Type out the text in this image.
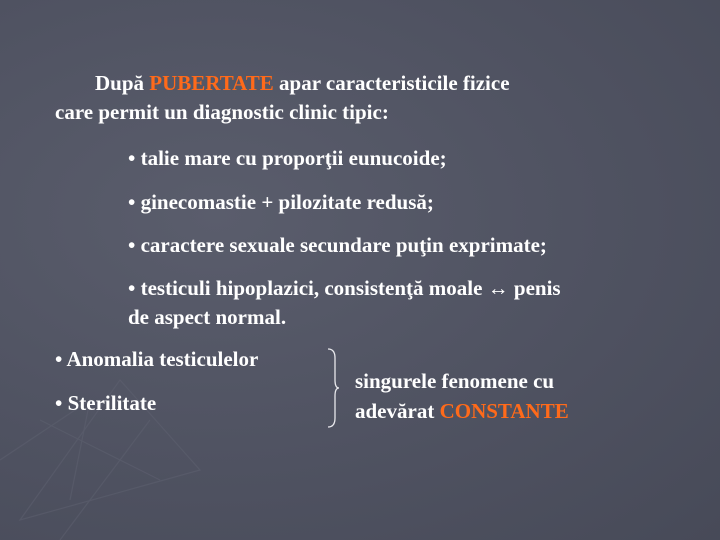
După PUBERTATE apar caracteristicile fizice
care permit un diagnostic clinic tipic:
• talie mare cu proporţii eunucoide;
• ginecomastie + pilozitate redusă;
• caractere sexuale secundare puţin exprimate;
• testiculi hipoplazici, consistenţă moale ↔ penis
de aspect normal.
• Anomalia testiculelor
• Sterilitate
singurele fenomene cu
adevărat CONSTANTE
